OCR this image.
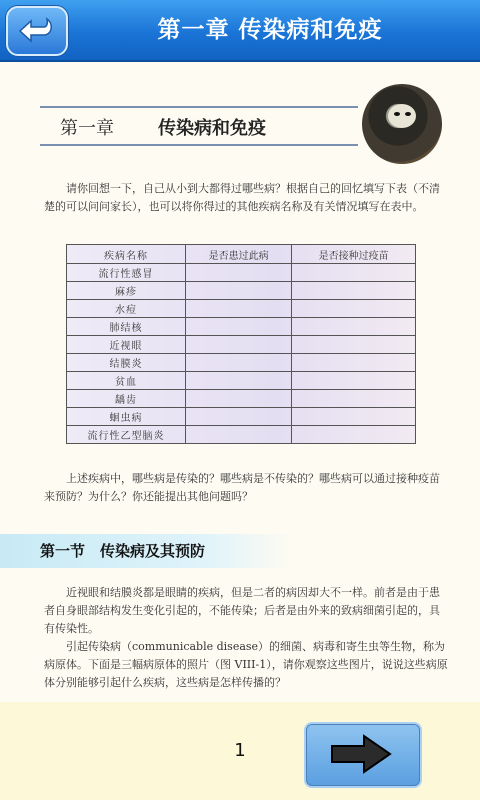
第一章 传染病和免疫
第一章 传染病和免疫
请你回想一下，自己从小到大都得过哪些病？根据自己的回忆填写下表（不清楚的可以问问家长），也可以将你得过的其他疾病名称及有关情况填写在表中。
疾病名称	是否患过此病	是否接种过疫苗
流行性感冒		
麻疹		
水痘		
肺结核		
近视眼		
结膜炎		
贫血		
龋齿		
蛔虫病		
流行性乙型脑炎		
上述疾病中，哪些病是传染的？哪些病是不传染的？哪些病可以通过接种疫苗来预防？为什么？你还能提出其他问题吗？
第一节　传染病及其预防
近视眼和结膜炎都是眼睛的疾病，但是二者的病因却大不一样。前者是由于患者自身眼部结构发生变化引起的，不能传染；后者是由外来的致病细菌引起的，具有传染性。
引起传染病（communicable disease）的细菌、病毒和寄生虫等生物，称为病原体。下面是三幅病原体的照片（图 VIII-1），请你观察这些图片，说说这些病原体分别能够引起什么疾病，这些病是怎样传播的？
1
